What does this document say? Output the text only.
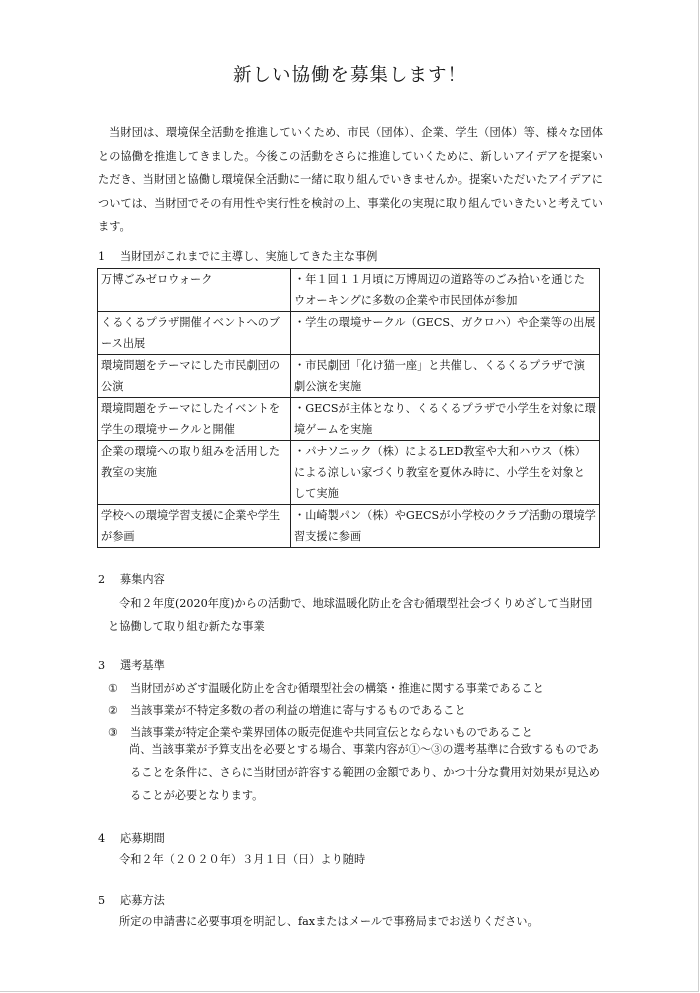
新しい協働を募集します！
当財団は、環境保全活動を推進していくため、市民（団体）、企業、学生（団体）等、様々な団体との協働を推進してきました。今後この活動をさらに推進していくために、新しいアイデアを提案いただき、当財団と協働し環境保全活動に一緒に取り組んでいきませんか。提案いただいたアイデアについては、当財団でその有用性や実行性を検討の上、事業化の実現に取り組んでいきたいと考えています。
1 当財団がこれまでに主導し、実施してきた主な事例
万博ごみゼロウォーク	・年１回１１月頃に万博周辺の道路等のごみ拾いを通じたウオーキングに多数の企業や市民団体が参加
くるくるプラザ開催イベントへのブース出展	・学生の環境サークル（GECS、ガクロハ）や企業等の出展
環境問題をテーマにした市民劇団の公演	・市民劇団「化け猫一座」と共催し、くるくるプラザで演劇公演を実施
環境問題をテーマにしたイベントを学生の環境サークルと開催	・GECSが主体となり、くるくるプラザで小学生を対象に環境ゲームを実施
企業の環境への取り組みを活用した教室の実施	・パナソニック（株）によるLED教室や大和ハウス（株）による涼しい家づくり教室を夏休み時に、小学生を対象として実施
学校への環境学習支援に企業や学生が参画	・山崎製パン（株）やGECSが小学校のクラブ活動の環境学習支援に参画
2 募集内容
令和２年度(2020年度)からの活動で、地球温暖化防止を含む循環型社会づくりめざして当財団と協働して取り組む新たな事業
3 選考基準
① 当財団がめざす温暖化防止を含む循環型社会の構築・推進に関する事業であること
② 当該事業が不特定多数の者の利益の増進に寄与するものであること
③ 当該事業が特定企業や業界団体の販売促進や共同宣伝とならないものであること
尚、当該事業が予算支出を必要とする場合、事業内容が①～③の選考基準に合致するものであることを条件に、さらに当財団が許容する範囲の金額であり、かつ十分な費用対効果が見込めることが必要となります。
4 応募期間
令和２年（２０２０年）３月１日（日）より随時
5 応募方法
所定の申請書に必要事項を明記し、faxまたはメールで事務局までお送りください。
